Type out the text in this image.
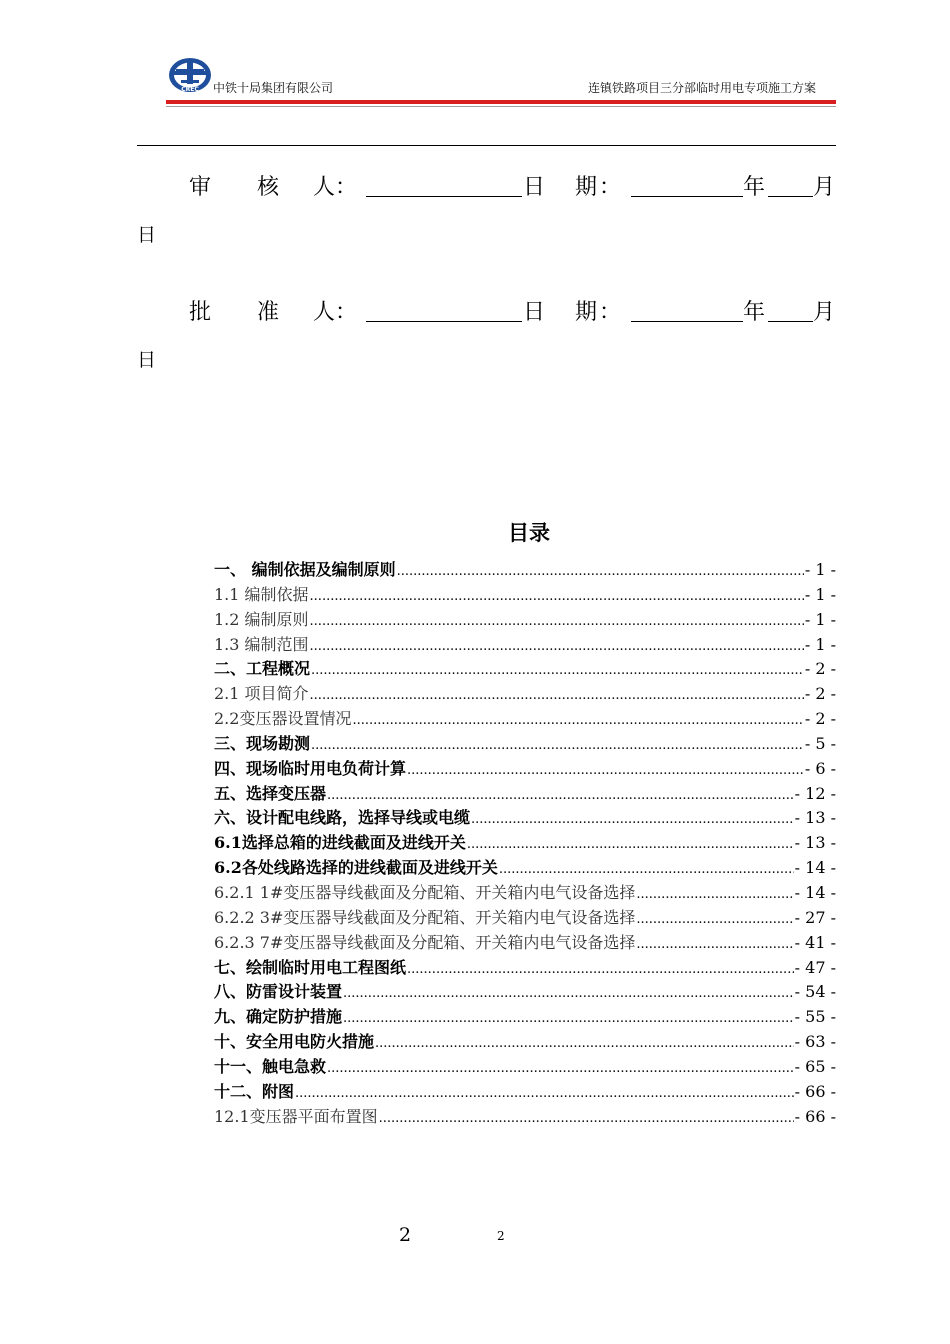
CREC 中铁十局集团有限公司	连镇铁路项目三分部临时用电专项施工方案
审 核 人 ：	日 期 ：	年 月
日
批 准 人 ：	日 期 ：	年 月
日
目录
一、 编制依据及编制原则 .....	- 1 -
1.1 编制依据 .....	- 1 -
1.2 编制原则 .....	- 1 -
1.3 编制范围 .....	- 1 -
二、工程概况 .....	- 2 -
2.1 项目简介 .....	- 2 -
2.2变压器设置情况 .....	- 2 -
三、现场勘测 .....	- 5 -
四、现场临时用电负荷计算 .....	- 6 -
五、选择变压器 .....	- 12 -
六、设计配电线路，选择导线或电缆 .....	- 13 -
6.1选择总箱的进线截面及进线开关 .....	- 13 -
6.2各处线路选择的进线截面及进线开关 .....	- 14 -
6.2.1 1#变压器导线截面及分配箱、开关箱内电气设备选择 .....	- 14 -
6.2.2 3#变压器导线截面及分配箱、开关箱内电气设备选择 .....	- 27 -
6.2.3 7#变压器导线截面及分配箱、开关箱内电气设备选择 .....	- 41 -
七、绘制临时用电工程图纸 .....	- 47 -
八、防雷设计装置 .....	- 54 -
九、确定防护措施 .....	- 55 -
十、安全用电防火措施 .....	- 63 -
十一、触电急救 .....	- 65 -
十二、附图 .....	- 66 -
12.1变压器平面布置图 .....	- 66 -
2	2
